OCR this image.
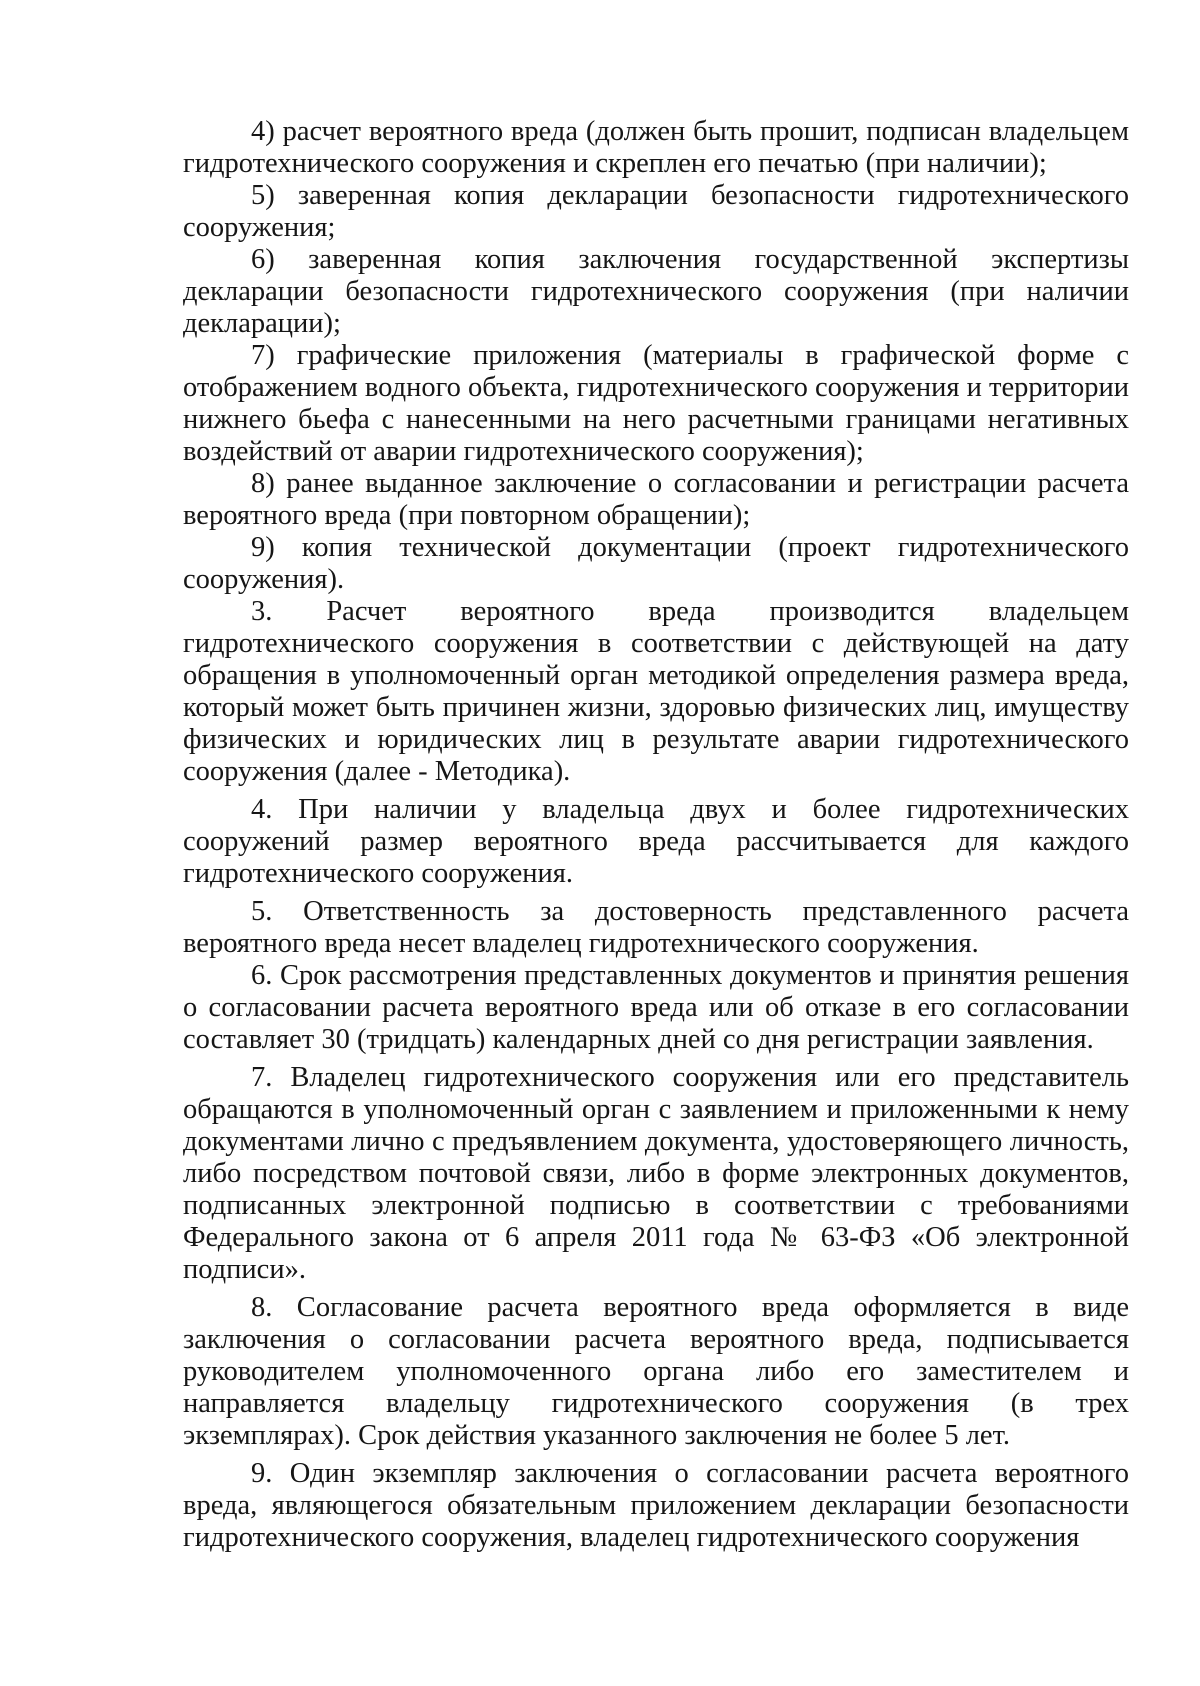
4) расчет вероятного вреда (должен быть прошит, подписан владельцем гидротехнического сооружения и скреплен его печатью (при наличии);

5) заверенная копия декларации безопасности гидротехнического сооружения;

6) заверенная копия заключения государственной экспертизы декларации безопасности гидротехнического сооружения (при наличии декларации);

7) графические приложения (материалы в графической форме с отображением водного объекта, гидротехнического сооружения и территории нижнего бьефа с нанесенными на него расчетными границами негативных воздействий от аварии гидротехнического сооружения);

8) ранее выданное заключение о согласовании и регистрации расчета вероятного вреда (при повторном обращении);

9) копия технической документации (проект гидротехнического сооружения).

3. Расчет вероятного вреда производится владельцем гидротехнического сооружения в соответствии с действующей на дату обращения в уполномоченный орган методикой определения размера вреда, который может быть причинен жизни, здоровью физических лиц, имуществу физических и юридических лиц в результате аварии гидротехнического сооружения (далее - Методика).

4. При наличии у владельца двух и более гидротехнических сооружений размер вероятного вреда рассчитывается для каждого гидротехнического сооружения.

5. Ответственность за достоверность представленного расчета вероятного вреда несет владелец гидротехнического сооружения.

6. Срок рассмотрения представленных документов и принятия решения о согласовании расчета вероятного вреда или об отказе в его согласовании составляет 30 (тридцать) календарных дней со дня регистрации заявления.

7. Владелец гидротехнического сооружения или его представитель обращаются в уполномоченный орган с заявлением и приложенными к нему документами лично с предъявлением документа, удостоверяющего личность, либо посредством почтовой связи, либо в форме электронных документов, подписанных электронной подписью в соответствии с требованиями Федерального закона от 6 апреля 2011 года № 63-ФЗ «Об электронной подписи».

8. Согласование расчета вероятного вреда оформляется в виде заключения о согласовании расчета вероятного вреда, подписывается руководителем уполномоченного органа либо его заместителем и направляется владельцу гидротехнического сооружения (в трех экземплярах). Срок действия указанного заключения не более 5 лет.

9. Один экземпляр заключения о согласовании расчета вероятного вреда, являющегося обязательным приложением декларации безопасности гидротехнического сооружения, владелец гидротехнического сооружения
